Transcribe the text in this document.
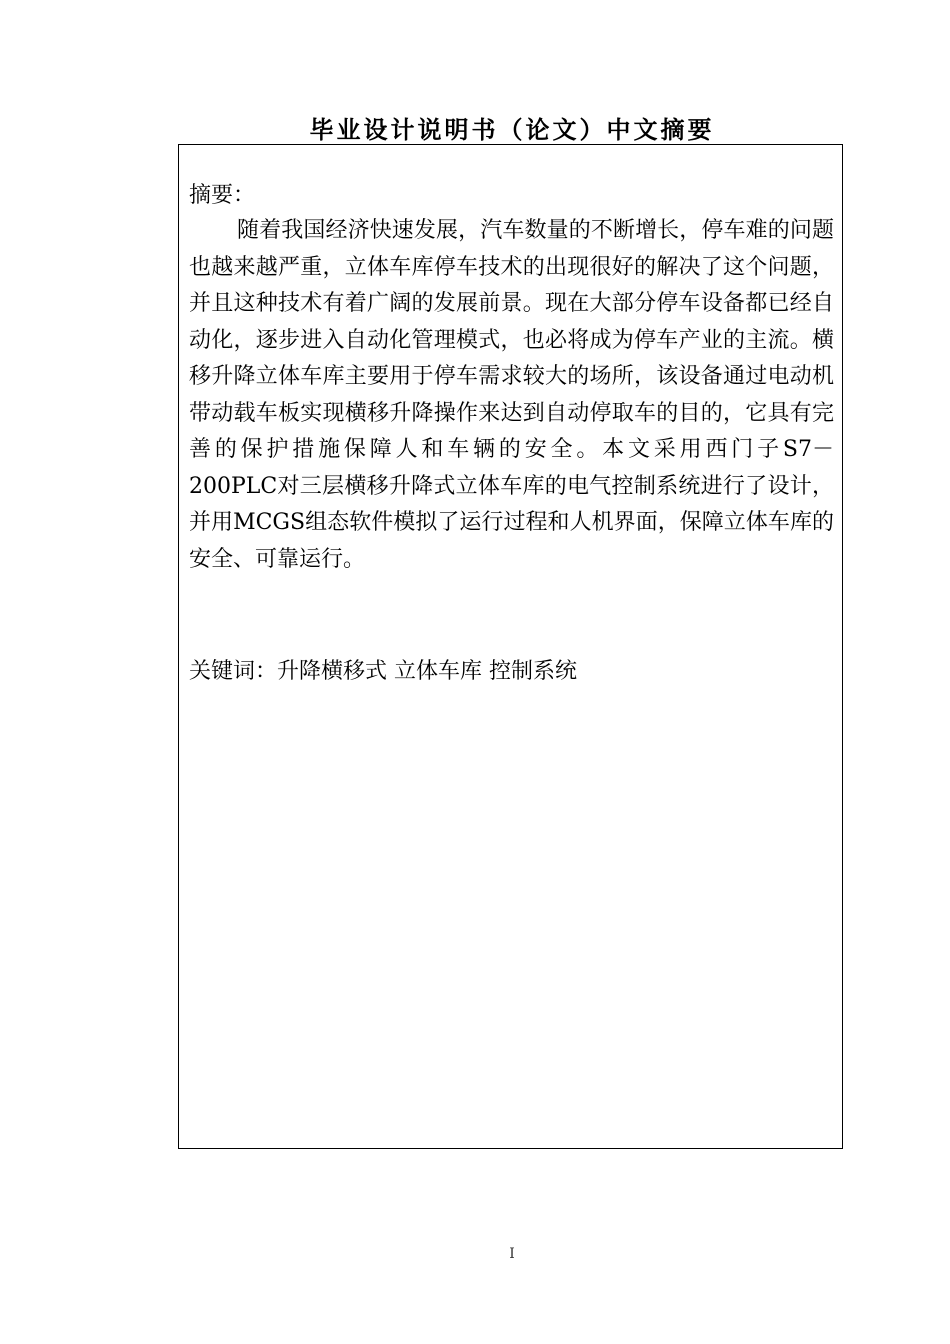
毕业设计说明书（论文）中文摘要
摘要：

随着我国经济快速发展，汽车数量的不断增长，停车难的问题也越来越严重，立体车库停车技术的出现很好的解决了这个问题，并且这种技术有着广阔的发展前景。现在大部分停车设备都已经自动化，逐步进入自动化管理模式，也必将成为停车产业的主流。横移升降立体车库主要用于停车需求较大的场所，该设备通过电动机带动载车板实现横移升降操作来达到自动停取车的目的，它具有完善的保护措施保障人和车辆的安全。本文采用西门子S7－200PLC对三层横移升降式立体车库的电气控制系统进行了设计，并用MCGS组态软件模拟了运行过程和人机界面，保障立体车库的安全、可靠运行。

关键词：升降横移式 立体车库 控制系统
I
